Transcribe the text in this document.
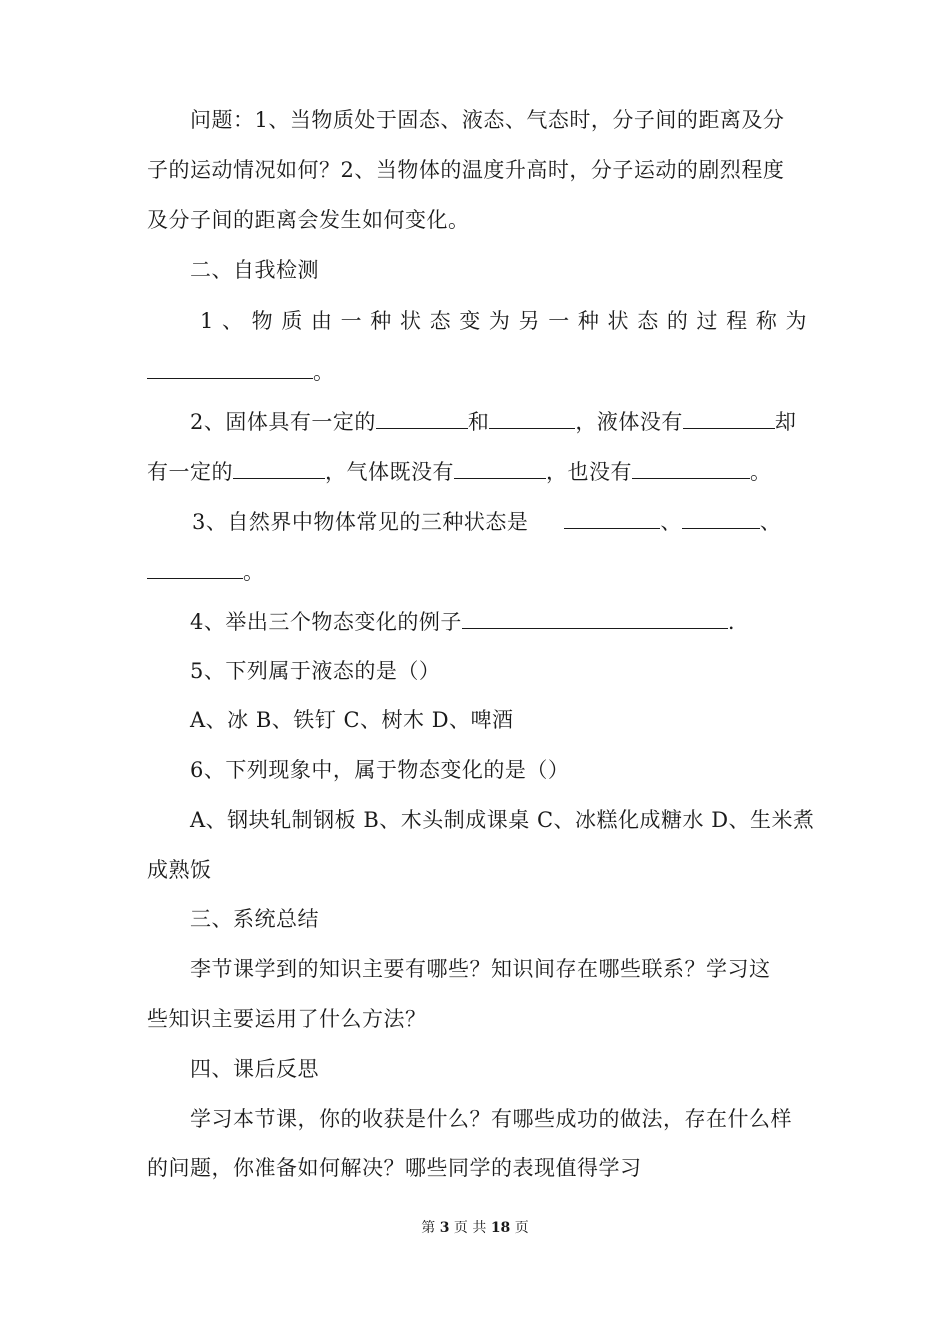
问题：1、当物质处于固态、液态、气态时，分子间的距离及分
子的运动情况如何？2、当物体的温度升高时，分子运动的剧烈程度
及分子间的距离会发生如何变化。
二、自我检测
1、物质由一种状态变为另一种状态的过程称为
。
2、固体具有一定的	和	，液体没有	却
有一定的	，气体既没有	，也没有	。
3、自然界中物体常见的三种状态是	、	、
。
4、举出三个物态变化的例子	.
5、下列属于液态的是（）
A、冰 B、铁钉 C、树木 D、啤酒
6、下列现象中，属于物态变化的是（）
A、钢块轧制钢板 B、木头制成课桌 C、冰糕化成糖水 D、生米煮
成熟饭
三、系统总结
李节课学到的知识主要有哪些？知识间存在哪些联系？学习这
些知识主要运用了什么方法？
四、课后反思
学习本节课，你的收获是什么？有哪些成功的做法，存在什么样
的问题，你准备如何解决？哪些同学的表现值得学习
第 3 页 共 18 页
